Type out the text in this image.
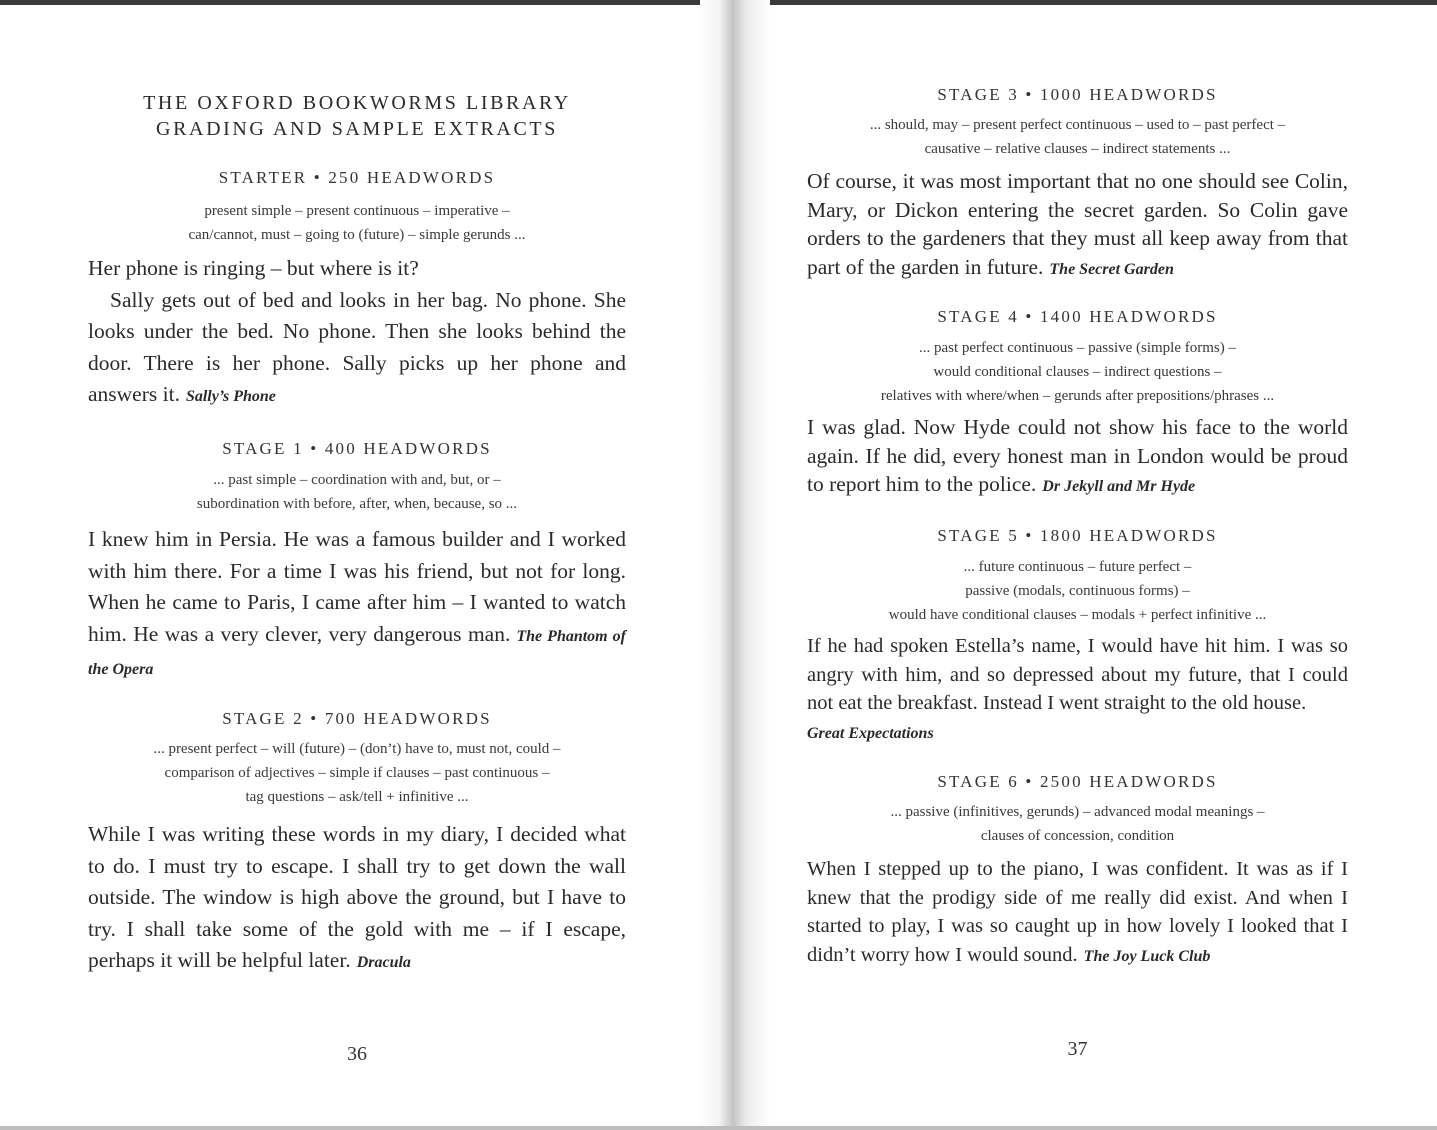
THE OXFORD BOOKWORMS LIBRARY
GRADING AND SAMPLE EXTRACTS
STARTER • 250 HEADWORDS
present simple – present continuous – imperative –
can/cannot, must – going to (future) – simple gerunds ...

Her phone is ringing – but where is it?

Sally gets out of bed and looks in her bag. No phone. She looks under the bed. No phone. Then she looks behind the door. There is her phone. Sally picks up her phone and answers it. Sally’s Phone

STAGE 1 • 400 HEADWORDS
... past simple – coordination with and, but, or –
subordination with before, after, when, because, so ...

I knew him in Persia. He was a famous builder and I worked with him there. For a time I was his friend, but not for long. When he came to Paris, I came after him – I wanted to watch him. He was a very clever, very dangerous man. The Phantom of the Opera

STAGE 2 • 700 HEADWORDS
... present perfect – will (future) – (don’t) have to, must not, could –
comparison of adjectives – simple if clauses – past continuous –
tag questions – ask/tell + infinitive ...

While I was writing these words in my diary, I decided what to do. I must try to escape. I shall try to get down the wall outside. The window is high above the ground, but I have to try. I shall take some of the gold with me – if I escape, perhaps it will be helpful later. Dracula

36
STAGE 3 • 1000 HEADWORDS
... should, may – present perfect continuous – used to – past perfect –
causative – relative clauses – indirect statements ...

Of course, it was most important that no one should see Colin, Mary, or Dickon entering the secret garden. So Colin gave orders to the gardeners that they must all keep away from that part of the garden in future. The Secret Garden

STAGE 4 • 1400 HEADWORDS
... past perfect continuous – passive (simple forms) –
would conditional clauses – indirect questions –
relatives with where/when – gerunds after prepositions/phrases ...

I was glad. Now Hyde could not show his face to the world again. If he did, every honest man in London would be proud to report him to the police. Dr Jekyll and Mr Hyde

STAGE 5 • 1800 HEADWORDS
... future continuous – future perfect –
passive (modals, continuous forms) –
would have conditional clauses – modals + perfect infinitive ...

If he had spoken Estella’s name, I would have hit him. I was so angry with him, and so depressed about my future, that I could not eat the breakfast. Instead I went straight to the old house.
Great Expectations

STAGE 6 • 2500 HEADWORDS
... passive (infinitives, gerunds) – advanced modal meanings –
clauses of concession, condition

When I stepped up to the piano, I was confident. It was as if I knew that the prodigy side of me really did exist. And when I started to play, I was so caught up in how lovely I looked that I didn’t worry how I would sound. The Joy Luck Club

37
